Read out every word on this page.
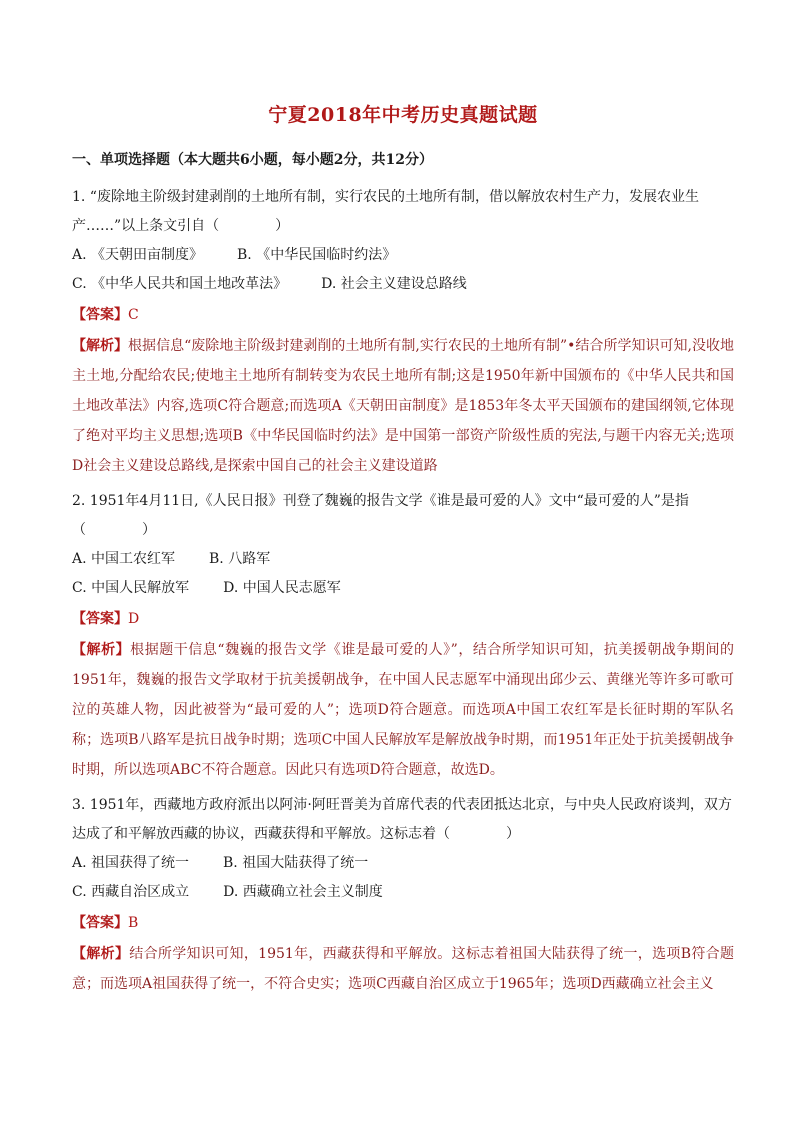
宁夏2018年中考历史真题试题

一、单项选择题（本大题共6小题，每小题2分，共12分）

1. “废除地主阶级封建剥削的土地所有制，实行农民的土地所有制，借以解放农村生产力，发展农业生产……”以上条文引自（　　　　）

A. 《天朝田亩制度》 B. 《中华民国临时约法》
C. 《中华人民共和国土地改革法》 D. 社会主义建设总路线

【答案】C

【解析】根据信息“废除地主阶级封建剥削的土地所有制,实行农民的土地所有制”•结合所学知识可知,没收地主土地,分配给农民;使地主土地所有制转变为农民土地所有制;这是1950年新中国颁布的《中华人民共和国土地改革法》内容,选项C符合题意;而选项A《天朝田亩制度》是1853年冬太平天国颁布的建国纲领,它体现了绝对平均主义思想;选项B《中华民国临时约法》是中国第一部资产阶级性质的宪法,与题干内容无关;选项D社会主义建设总路线,是探索中国自己的社会主义建设道路

2. 1951年4月11日,《人民日报》刊登了魏巍的报告文学《谁是最可爱的人》文中“最可爱的人”是指（　　　　）

A. 中国工农红军 B. 八路军
C. 中国人民解放军 D. 中国人民志愿军

【答案】D

【解析】根据题干信息“魏巍的报告文学《谁是最可爱的人》”，结合所学知识可知，抗美援朝战争期间的1951年，魏巍的报告文学取材于抗美援朝战争，在中国人民志愿军中涌现出邱少云、黄继光等许多可歌可泣的英雄人物，因此被誉为“最可爱的人”；选项D符合题意。而选项A中国工农红军是长征时期的军队名称；选项B八路军是抗日战争时期；选项C中国人民解放军是解放战争时期，而1951年正处于抗美援朝战争时期，所以选项ABC不符合题意。因此只有选项D符合题意，故选D。

3. 1951年，西藏地方政府派出以阿沛·阿旺晋美为首席代表的代表团抵达北京，与中央人民政府谈判，双方达成了和平解放西藏的协议，西藏获得和平解放。这标志着（　　　　）

A. 祖国获得了统一 B. 祖国大陆获得了统一
C. 西藏自治区成立 D. 西藏确立社会主义制度

【答案】B

【解析】结合所学知识可知，1951年，西藏获得和平解放。这标志着祖国大陆获得了统一，选项B符合题意；而选项A祖国获得了统一，不符合史实；选项C西藏自治区成立于1965年；选项D西藏确立社会主义
